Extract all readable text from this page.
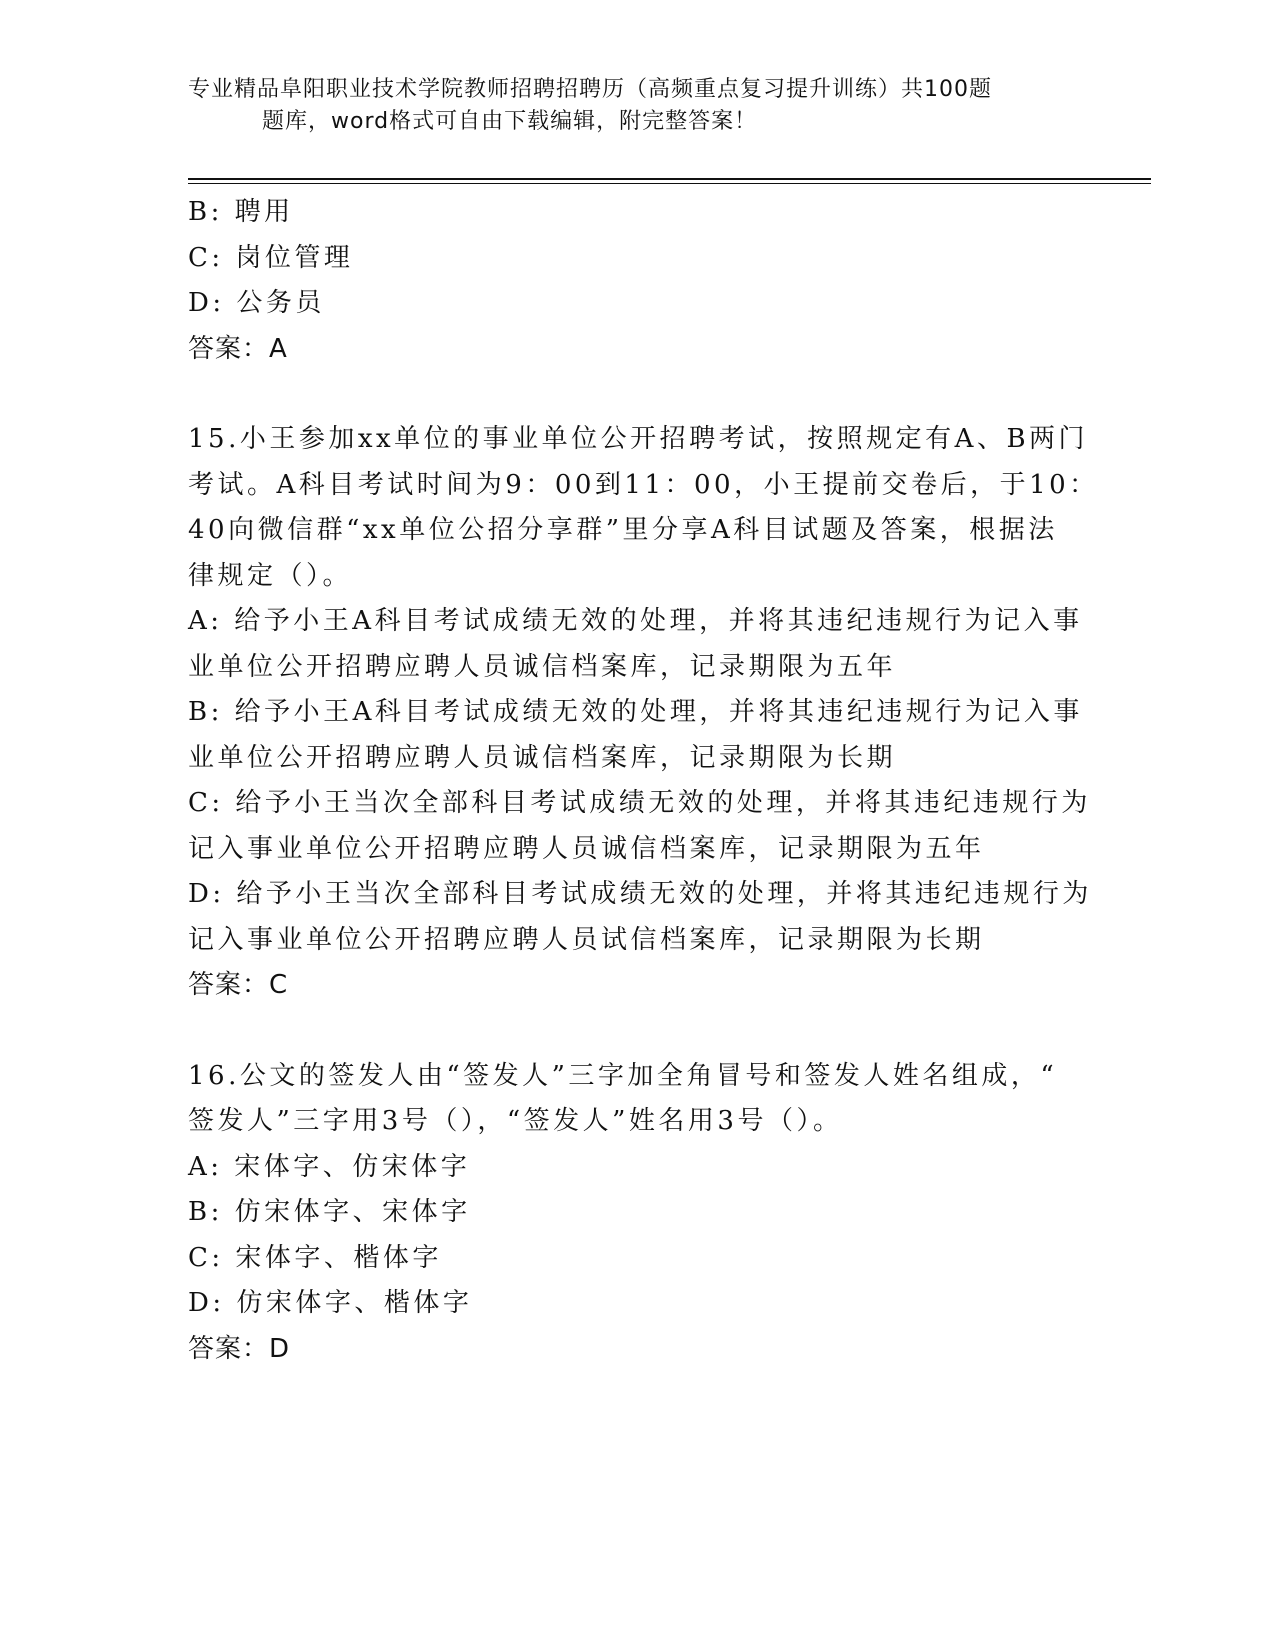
专业精品阜阳职业技术学院教师招聘招聘历（高频重点复习提升训练）共100题
题库，word格式可自由下载编辑，附完整答案！
B: 聘用
C: 岗位管理
D: 公务员
答案：A
15.小王参加xx单位的事业单位公开招聘考试，按照规定有A、B两门
考试。A科目考试时间为9：00到11：00，小王提前交卷后，于10：
40向微信群“xx单位公招分享群”里分享A科目试题及答案，根据法
律规定（）。
A: 给予小王A科目考试成绩无效的处理，并将其违纪违规行为记入事
业单位公开招聘应聘人员诚信档案库，记录期限为五年
B: 给予小王A科目考试成绩无效的处理，并将其违纪违规行为记入事
业单位公开招聘应聘人员诚信档案库，记录期限为长期
C: 给予小王当次全部科目考试成绩无效的处理，并将其违纪违规行为
记入事业单位公开招聘应聘人员诚信档案库，记录期限为五年
D: 给予小王当次全部科目考试成绩无效的处理，并将其违纪违规行为
记入事业单位公开招聘应聘人员试信档案库，记录期限为长期
答案：C
16.公文的签发人由“签发人”三字加全角冒号和签发人姓名组成，“
签发人”三字用3号（），“签发人”姓名用3号（）。
A: 宋体字、仿宋体字
B: 仿宋体字、宋体字
C: 宋体字、楷体字
D: 仿宋体字、楷体字
答案：D
